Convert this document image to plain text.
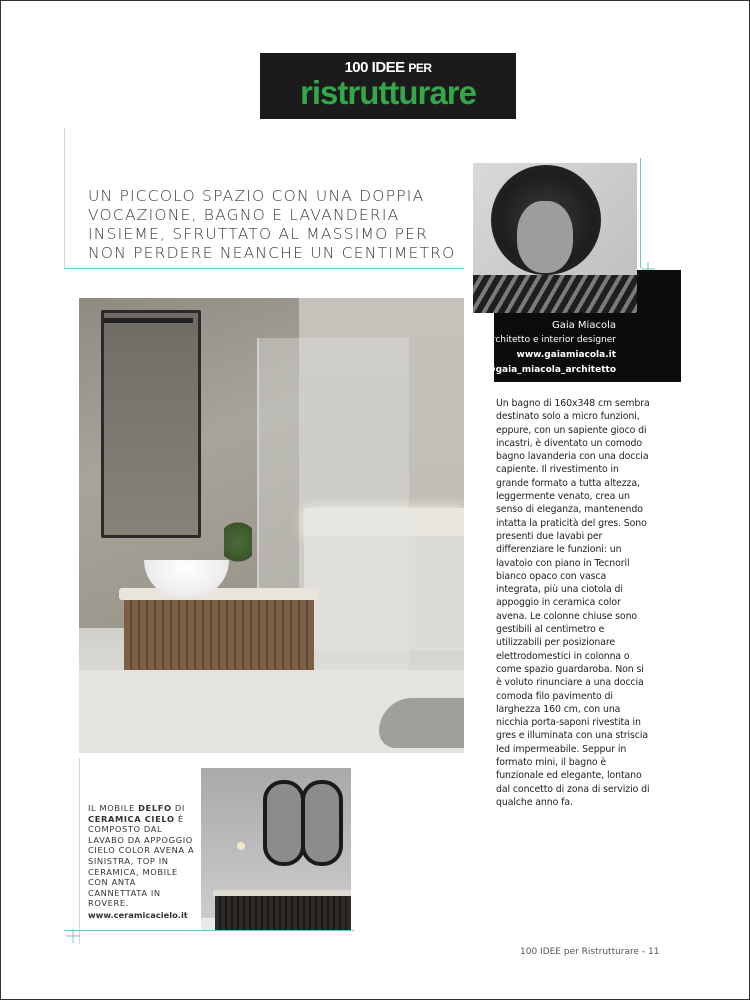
100 IDEE PER
ristrutturare
UN PICCOLO SPAZIO CON UNA DOPPIA VOCAZIONE, BAGNO E LAVANDERIA INSIEME, SFRUTTATO AL MASSIMO PER NON PERDERE NEANCHE UN CENTIMETRO
Gaia Miacola
architetto e interior designer
www.gaiamiacola.it
@gaia_miacola_architetto
Un bagno di 160x348 cm sembra destinato solo a micro funzioni, eppure, con un sapiente gioco di incastri, è diventato un comodo bagno lavanderia con una doccia capiente. Il rivestimento in grande formato a tutta altezza, leggermente venato, crea un senso di eleganza, mantenendo intatta la praticità del gres. Sono presenti due lavabi per differenziare le funzioni: un lavatoio con piano in Tecnoril bianco opaco con vasca integrata, più una ciotola di appoggio in ceramica color avena. Le colonne chiuse sono gestibili al centimetro e utilizzabili per posizionare elettrodomestici in colonna o come spazio guardaroba. Non si è voluto rinunciare a una doccia comoda filo pavimento di larghezza 160 cm, con una nicchia porta-saponi rivestita in gres e illuminata con una striscia led impermeabile. Seppur in formato mini, il bagno è funzionale ed elegante, lontano dal concetto di zona di servizio di qualche anno fa.
IL MOBILE DELFO DI CERAMICA CIELO È COMPOSTO DAL LAVABO DA APPOGGIO CIELO COLOR AVENA A SINISTRA, TOP IN CERAMICA, MOBILE CON ANTA CANNETTATA IN ROVERE.
www.ceramicacielo.it
100 IDEE per Ristrutturare - 11
